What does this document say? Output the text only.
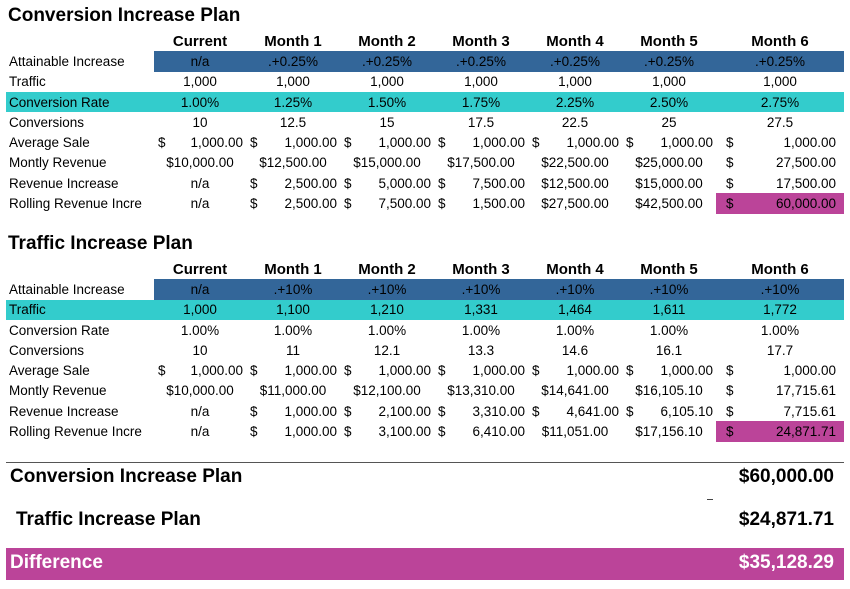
Conversion Increase Plan
	Current	Month 1	Month 2	Month 3	Month 4	Month 5	Month 6
Attainable Increase	n/a	.+0.25%	.+0.25%	.+0.25%	.+0.25%	.+0.25%	.+0.25%
Traffic	1,000	1,000	1,000	1,000	1,000	1,000	1,000
Conversion Rate	1.00%	1.25%	1.50%	1.75%	2.25%	2.50%	2.75%
Conversions	10	12.5	15	17.5	22.5	25	27.5
Average Sale	$ 1,000.00	$ 1,000.00	$ 1,000.00	$ 1,000.00	$ 1,000.00	$ 1,000.00	$ 1,000.00

Montly Revenue	$10,000.00	$12,500.00	$15,000.00	$17,500.00	$22,500.00	$25,000.00	$ 27,500.00

Revenue Increase	n/a	$ 2,500.00	$ 5,000.00	$ 7,500.00	$12,500.00	$15,000.00	$ 17,500.00

Rolling Revenue Incre	n/a	$ 2,500.00	$ 7,500.00	$ 1,500.00	$27,500.00	$42,500.00	$ 60,000.00
Traffic Increase Plan
	Current	Month 1	Month 2	Month 3	Month 4	Month 5	Month 6
Attainable Increase	n/a	.+10%	.+10%	.+10%	.+10%	.+10%	.+10%
Traffic	1,000	1,100	1,210	1,331	1,464	1,611	1,772
Conversion Rate	1.00%	1.00%	1.00%	1.00%	1.00%	1.00%	1.00%
Conversions	10	11	12.1	13.3	14.6	16.1	17.7
Average Sale	$ 1,000.00	$ 1,000.00	$ 1,000.00	$ 1,000.00	$ 1,000.00	$ 1,000.00	$ 1,000.00

Montly Revenue	$10,000.00	$11,000.00	$12,100.00	$13,310.00	$14,641.00	$16,105.10	$ 17,715.61

Revenue Increase	n/a	$ 1,000.00	$ 2,100.00	$ 3,310.00	$ 4,641.00	$ 6,105.10	$ 7,715.61

Rolling Revenue Incre	n/a	$ 1,000.00	$ 3,100.00	$ 6,410.00	$11,051.00	$17,156.10	$ 24,871.71
Conversion Increase Plan	$60,000.00
Traffic Increase Plan	$24,871.71
Difference	$35,128.29
